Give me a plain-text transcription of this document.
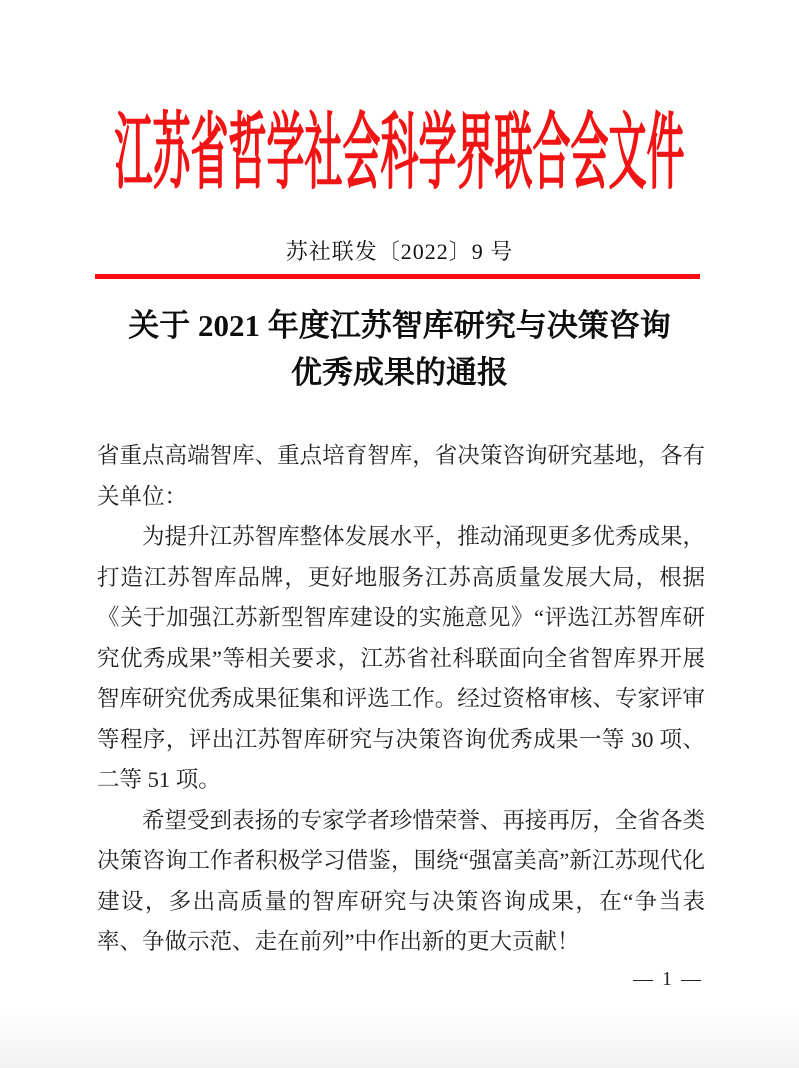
江苏省哲学社会科学界联合会文件
苏社联发〔2022〕9 号
关于 2021 年度江苏智库研究与决策咨询
优秀成果的通报

省重点高端智库、重点培育智库，省决策咨询研究基地，各有关单位：

为提升江苏智库整体发展水平，推动涌现更多优秀成果，打造江苏智库品牌，更好地服务江苏高质量发展大局，根据《关于加强江苏新型智库建设的实施意见》“评选江苏智库研究优秀成果”等相关要求，江苏省社科联面向全省智库界开展智库研究优秀成果征集和评选工作。经过资格审核、专家评审等程序，评出江苏智库研究与决策咨询优秀成果一等 30 项、二等 51 项。

希望受到表扬的专家学者珍惜荣誉、再接再厉，全省各类决策咨询工作者积极学习借鉴，围绕“强富美高”新江苏现代化建设，多出高质量的智库研究与决策咨询成果，在“争当表率、争做示范、走在前列”中作出新的更大贡献！

— 1 —
